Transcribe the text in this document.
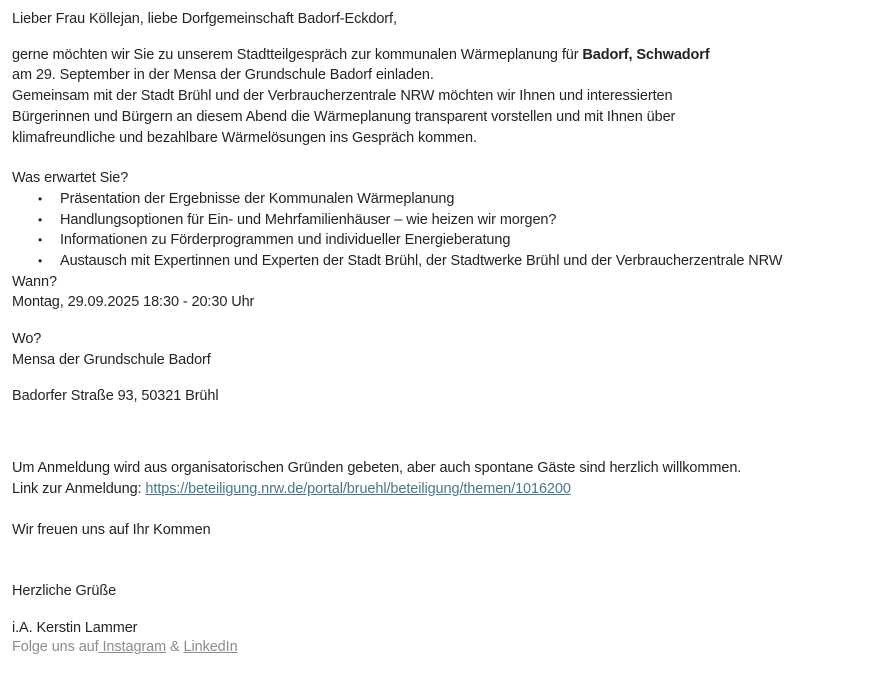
Lieber Frau Köllejan, liebe Dorfgemeinschaft Badorf-Eckdorf,
gerne möchten wir Sie zu unserem Stadtteilgespräch zur kommunalen Wärmeplanung für Badorf, Schwadorf
am 29. September in der Mensa der Grundschule Badorf einladen.
Gemeinsam mit der Stadt Brühl und der Verbraucherzentrale NRW möchten wir Ihnen und interessierten
Bürgerinnen und Bürgern an diesem Abend die Wärmeplanung transparent vorstellen und mit Ihnen über
klimafreundliche und bezahlbare Wärmelösungen ins Gespräch kommen.
Was erwartet Sie?
• Präsentation der Ergebnisse der Kommunalen Wärmeplanung
• Handlungsoptionen für Ein- und Mehrfamilienhäuser – wie heizen wir morgen?
• Informationen zu Förderprogrammen und individueller Energieberatung
• Austausch mit Expertinnen und Experten der Stadt Brühl, der Stadtwerke Brühl und der Verbraucherzentrale NRW
Wann?
Montag, 29.09.2025 18:30 - 20:30 Uhr
Wo?
Mensa der Grundschule Badorf
Badorfer Straße 93, 50321 Brühl
Um Anmeldung wird aus organisatorischen Gründen gebeten, aber auch spontane Gäste sind herzlich willkommen.
Link zur Anmeldung: https://beteiligung.nrw.de/portal/bruehl/beteiligung/themen/1016200
Wir freuen uns auf Ihr Kommen
Herzliche Grüße
i.A. Kerstin Lammer
Folge uns auf Instagram & LinkedIn
